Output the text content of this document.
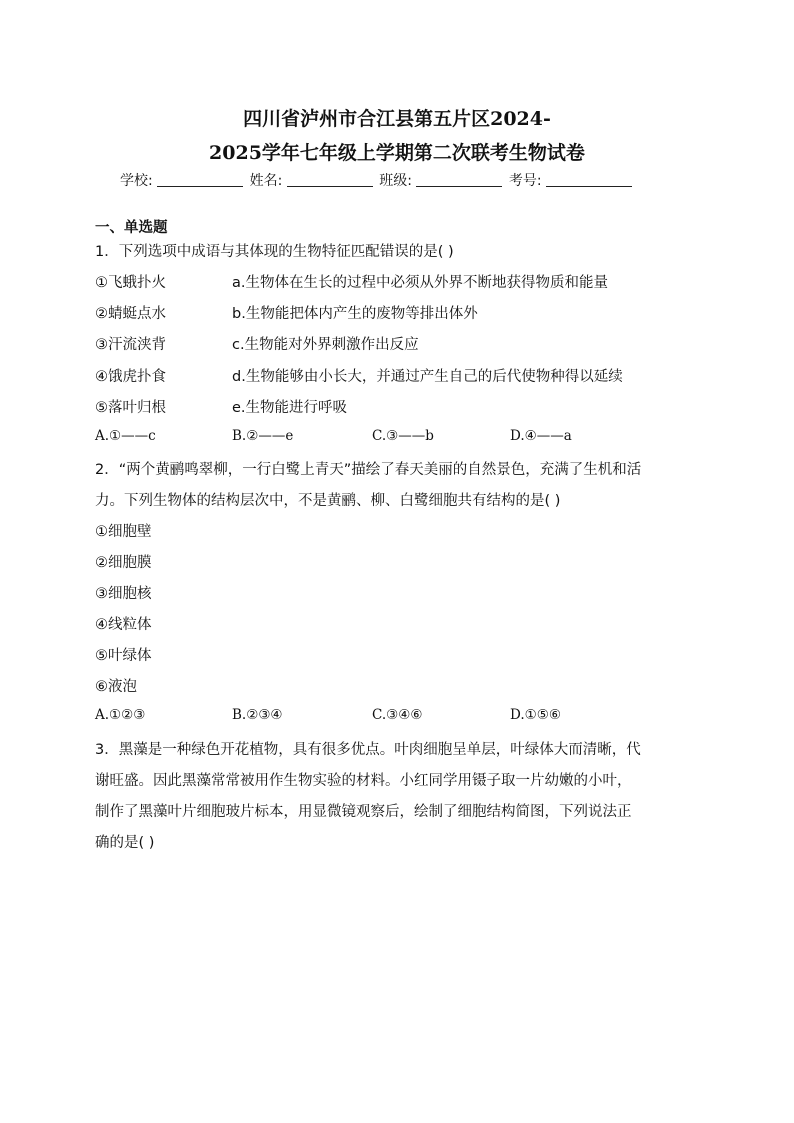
四川省泸州市合江县第五片区2024-
2025学年七年级上学期第二次联考生物试卷
学校:	姓名:	班级:	考号:
一、单选题
1．下列选项中成语与其体现的生物特征匹配错误的是( )
①飞蛾扑火	a.生物体在生长的过程中必须从外界不断地获得物质和能量
②蜻蜓点水	b.生物能把体内产生的废物等排出体外
③汗流浃背	c.生物能对外界刺激作出反应
④饿虎扑食	d.生物能够由小长大，并通过产生自己的后代使物种得以延续
⑤落叶归根	e.生物能进行呼吸
A.①——c	B.②——e	C.③——b	D.④——a
2．“两个黄鹂鸣翠柳，一行白鹭上青天”描绘了春天美丽的自然景色，充满了生机和活
力。下列生物体的结构层次中，不是黄鹂、柳、白鹭细胞共有结构的是( )
①细胞壁
②细胞膜
③细胞核
④线粒体
⑤叶绿体
⑥液泡
A.①②③	B.②③④	C.③④⑥	D.①⑤⑥
3．黑藻是一种绿色开花植物，具有很多优点。叶肉细胞呈单层，叶绿体大而清晰，代
谢旺盛。因此黑藻常常被用作生物实验的材料。小红同学用镊子取一片幼嫩的小叶，
制作了黑藻叶片细胞玻片标本，用显微镜观察后，绘制了细胞结构简图，下列说法正
确的是( )
